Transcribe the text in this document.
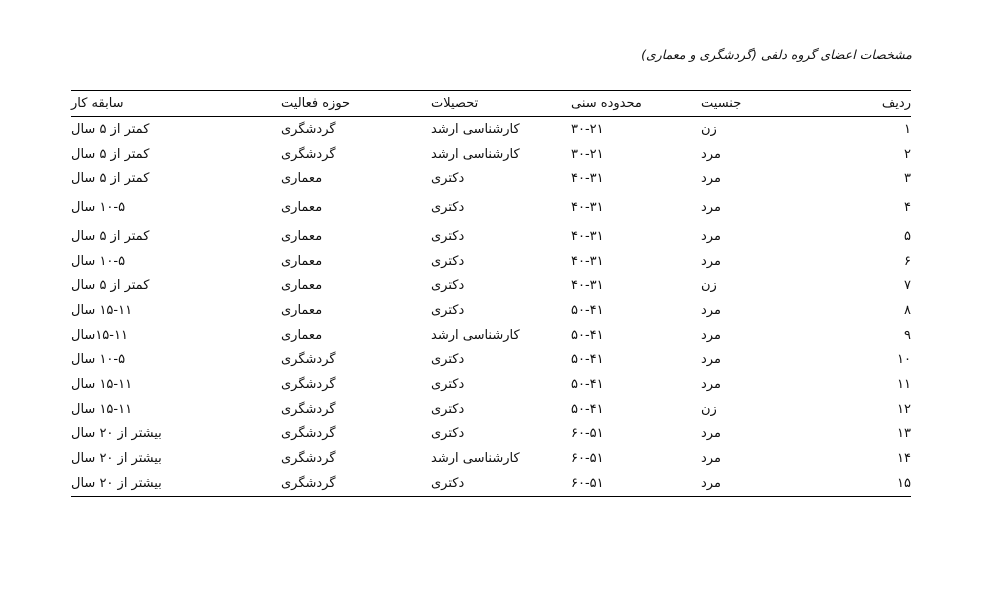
مشخصات اعضای گروه دلفی (گردشگری و معماری)
ردیف	جنسیت	محدوده سنی	تحصیلات	حوزه فعالیت	سابقه کار
۱	زن	۳۰-۲۱	کارشناسی ارشد	گردشگری	کمتر از ۵ سال
۲	مرد	۳۰-۲۱	کارشناسی ارشد	گردشگری	کمتر از ۵ سال
۳	مرد	۴۰-۳۱	دکتری	معماری	کمتر از ۵ سال
۴	مرد	۴۰-۳۱	دکتری	معماری	۱۰-۵ سال
۵	مرد	۴۰-۳۱	دکتری	معماری	کمتر از ۵ سال
۶	مرد	۴۰-۳۱	دکتری	معماری	۱۰-۵ سال
۷	زن	۴۰-۳۱	دکتری	معماری	کمتر از ۵ سال
۸	مرد	۵۰-۴۱	دکتری	معماری	۱۵-۱۱ سال
۹	مرد	۵۰-۴۱	کارشناسی ارشد	معماری	۱۵-۱۱سال
۱۰	مرد	۵۰-۴۱	دکتری	گردشگری	۱۰-۵ سال
۱۱	مرد	۵۰-۴۱	دکتری	گردشگری	۱۵-۱۱ سال
۱۲	زن	۵۰-۴۱	دکتری	گردشگری	۱۵-۱۱ سال
۱۳	مرد	۶۰-۵۱	دکتری	گردشگری	بیشتر از ۲۰ سال
۱۴	مرد	۶۰-۵۱	کارشناسی ارشد	گردشگری	بیشتر از ۲۰ سال
۱۵	مرد	۶۰-۵۱	دکتری	گردشگری	بیشتر از ۲۰ سال
